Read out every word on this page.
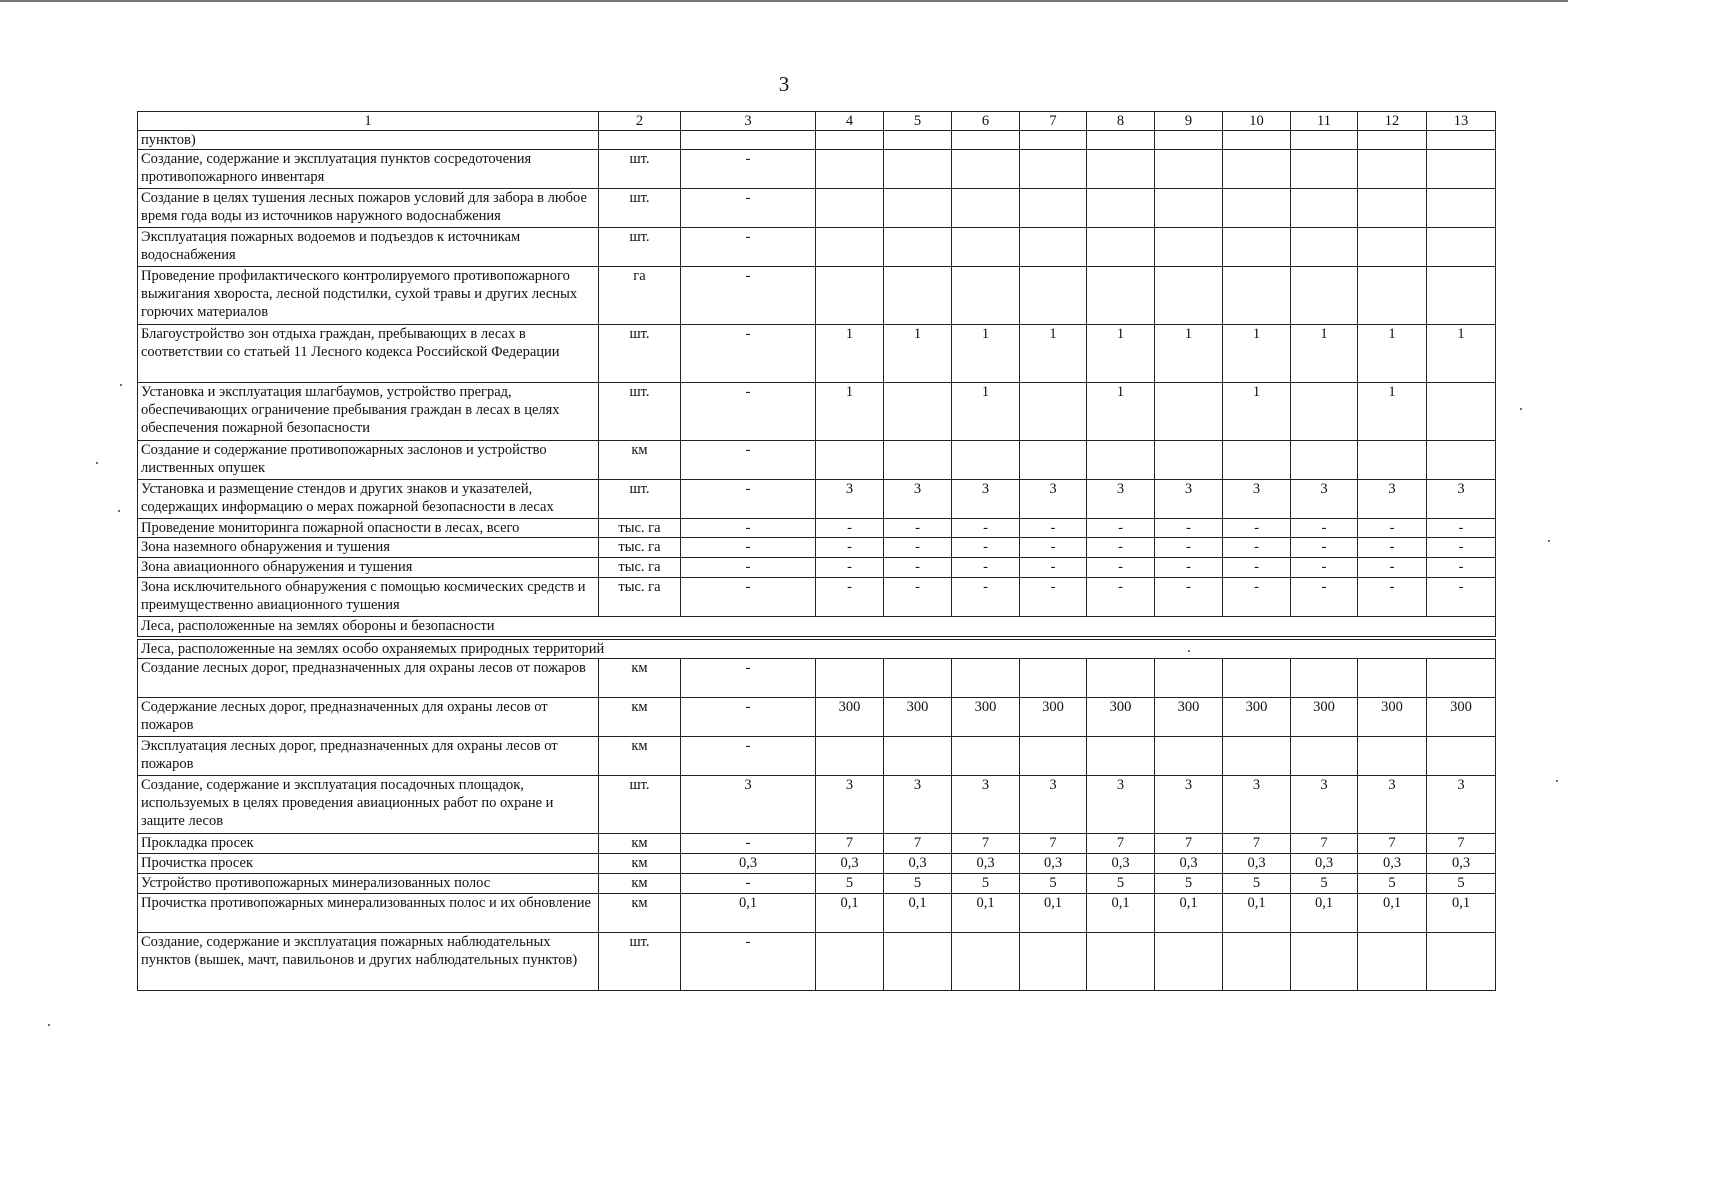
3
1	2	3	4	5	6	7	8	9	10	11	12	13
пунктов)												
Создание, содержание и эксплуатация пунктов сосредоточения противопожарного инвентаря	шт.	-										
Создание в целях тушения лесных пожаров условий для забора в любое время года воды из источников наружного водоснабжения	шт.	-										
Эксплуатация пожарных водоемов и подъездов к источникам водоснабжения	шт.	-										
Проведение профилактического контролируемого противопожарного выжигания хвороста, лесной подстилки, сухой травы и других лесных горючих материалов	га	-										
Благоустройство зон отдыха граждан, пребывающих в лесах в соответствии со статьей 11 Лесного кодекса Российской Федерации	шт.	-	1	1	1	1	1	1	1	1	1	1
Установка и эксплуатация шлагбаумов, устройство преград, обеспечивающих ограничение пребывания граждан в лесах в целях обеспечения пожарной безопасности	шт.	-	1		1		1		1		1	
Создание и содержание противопожарных заслонов и устройство лиственных опушек	км	-										
Установка и размещение стендов и других знаков и указателей, содержащих информацию о мерах пожарной безопасности в лесах	шт.	-	3	3	3	3	3	3	3	3	3	3
Проведение мониторинга пожарной опасности в лесах, всего	тыс. га	-	-	-	-	-	-	-	-	-	-	-
Зона наземного обнаружения и тушения	тыс. га	-	-	-	-	-	-	-	-	-	-	-
Зона авиационного обнаружения и тушения	тыс. га	-	-	-	-	-	-	-	-	-	-	-
Зона исключительного обнаружения с помощью космических средств и преимущественно авиационного тушения	тыс. га	-	-	-	-	-	-	-	-	-	-	-
Леса, расположенные на землях обороны и безопасности												

Леса, расположенные на землях особо охраняемых природных территорий												
Создание лесных дорог, предназначенных для охраны лесов от пожаров	км	-										
Содержание лесных дорог, предназначенных для охраны лесов от пожаров	км	-	300	300	300	300	300	300	300	300	300	300
Эксплуатация лесных дорог, предназначенных для охраны лесов от пожаров	км	-										
Создание, содержание и эксплуатация посадочных площадок, используемых в целях проведения авиационных работ по охране и защите лесов	шт.	3	3	3	3	3	3	3	3	3	3	3
Прокладка просек	км	-	7	7	7	7	7	7	7	7	7	7
Прочистка просек	км	0,3	0,3	0,3	0,3	0,3	0,3	0,3	0,3	0,3	0,3	0,3
Устройство противопожарных минерализованных полос	км	-	5	5	5	5	5	5	5	5	5	5
Прочистка противопожарных минерализованных полос и их обновление	км	0,1	0,1	0,1	0,1	0,1	0,1	0,1	0,1	0,1	0,1	0,1
Создание, содержание и эксплуатация пожарных наблюдательных пунктов (вышек, мачт, павильонов и других наблюдательных пунктов)	шт.	-										
